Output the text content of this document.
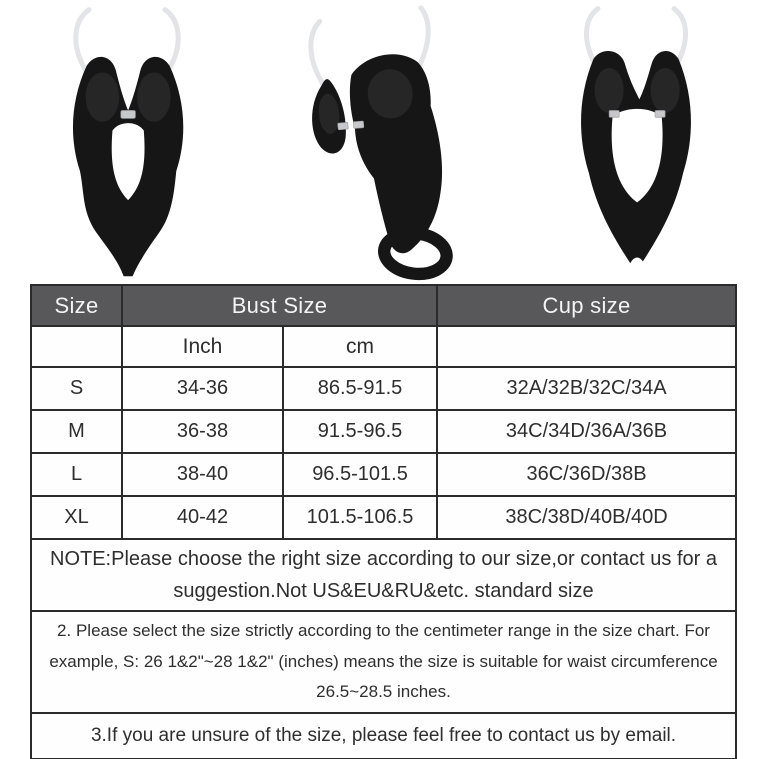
Size	Bust Size		Cup size
	Inch	cm	
S	34-36	86.5-91.5	32A/32B/32C/34A
M	36-38	91.5-96.5	34C/34D/36A/36B
L	38-40	96.5-101.5	36C/36D/38B
XL	40-42	101.5-106.5	38C/38D/40B/40D
NOTE:Please choose the right size according to our size,or contact us for a suggestion.Not US&EU&RU&etc. standard size			
2. Please select the size strictly according to the centimeter range in the size chart. For example, S: 26 1&2"~28 1&2" (inches) means the size is suitable for waist circumference 26.5~28.5 inches.			
3.If you are unsure of the size, please feel free to contact us by email.			
